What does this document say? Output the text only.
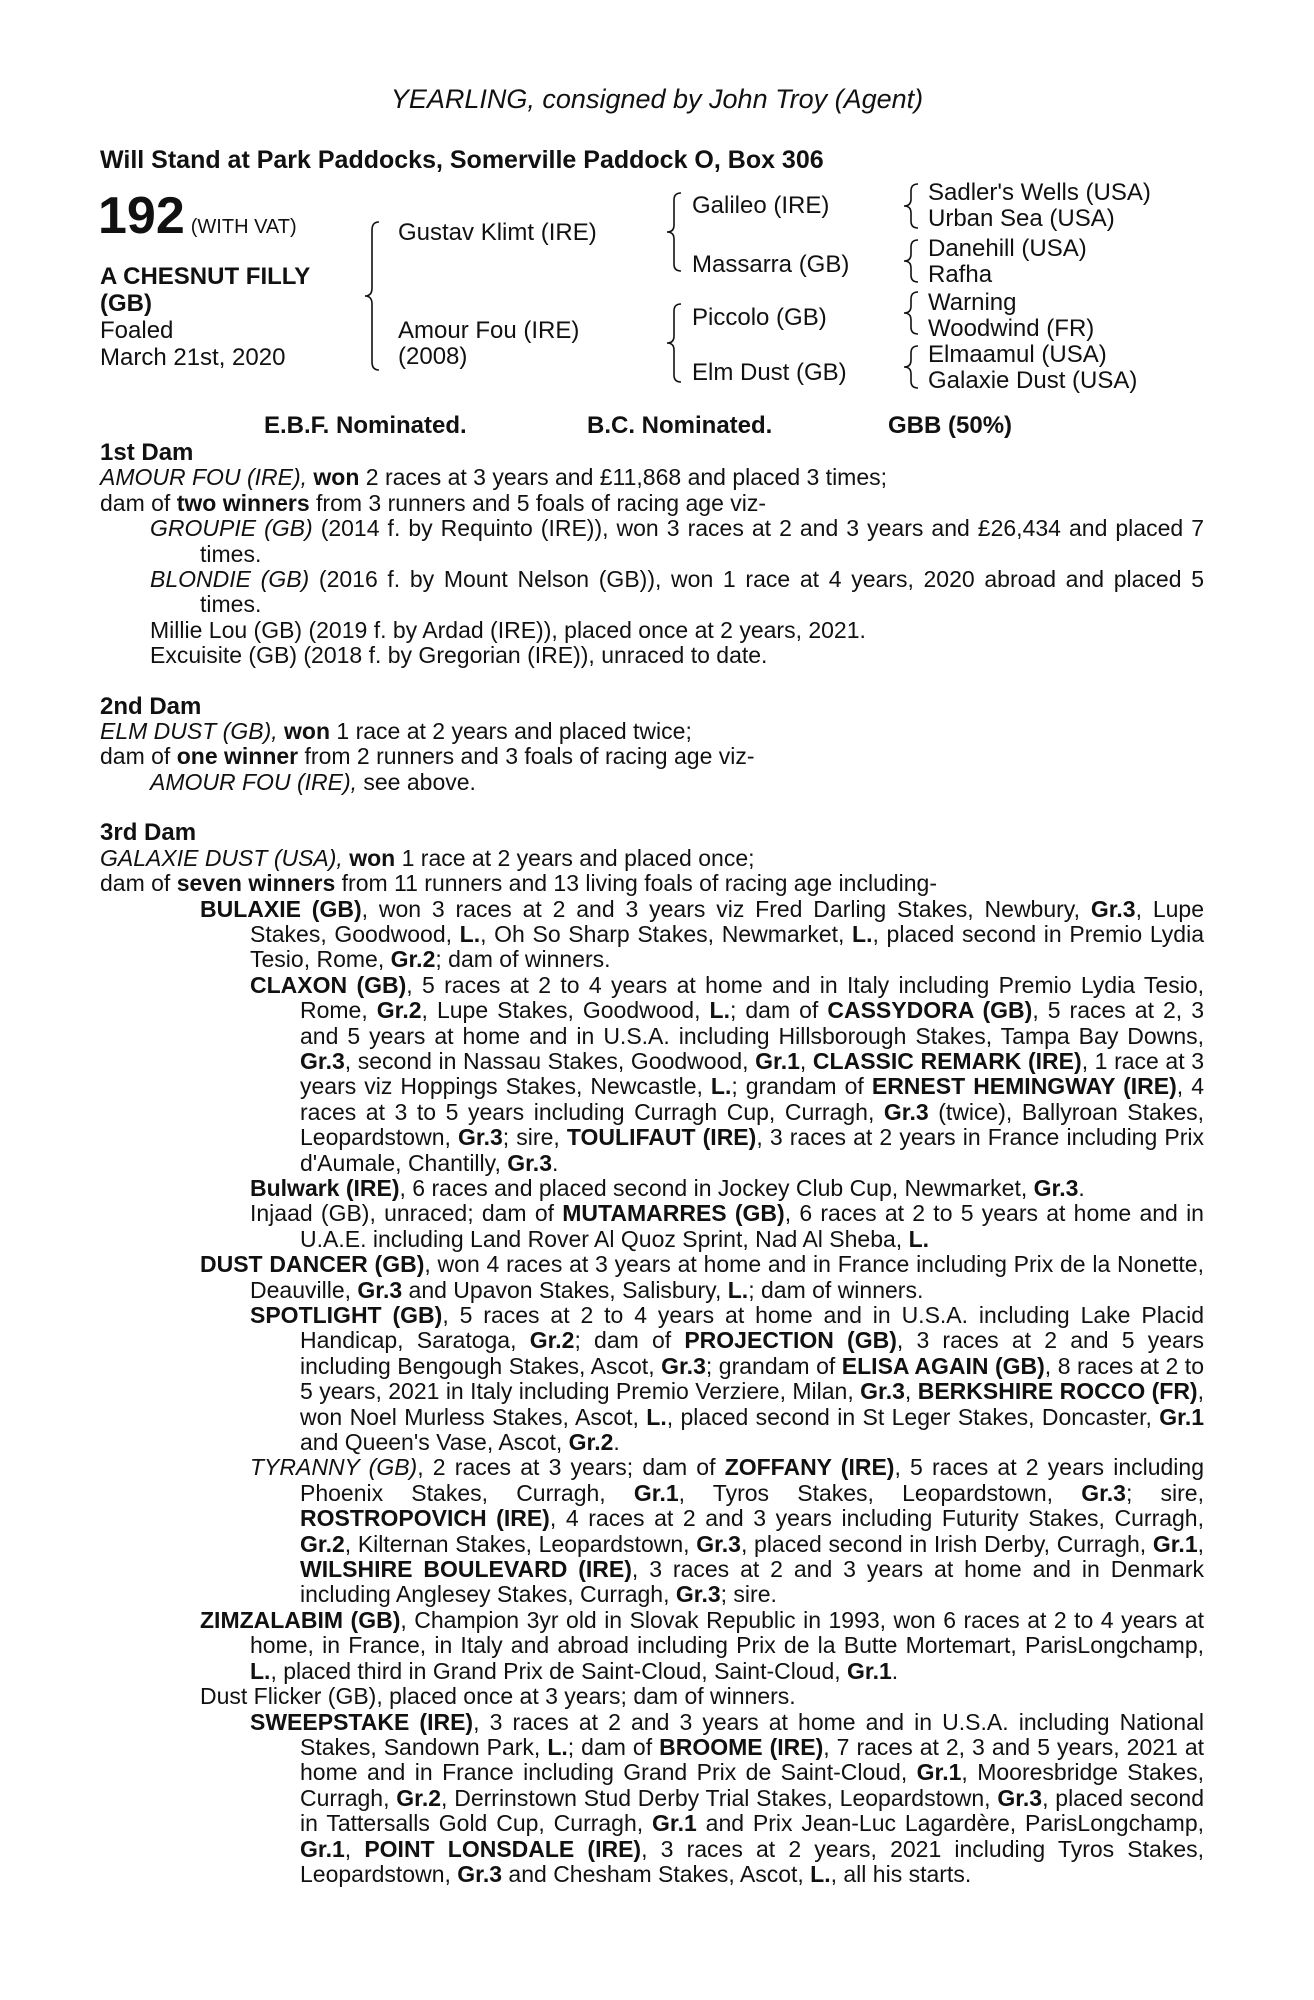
YEARLING, consigned by John Troy (Agent)
Will Stand at Park Paddocks, Somerville Paddock O, Box 306
192 (WITH VAT)
A CHESNUT FILLY
(GB)
Foaled
March 21st, 2020
Gustav Klimt (IRE)
Amour Fou (IRE)
(2008)
Galileo (IRE)
Massarra (GB)
Piccolo (GB)
Elm Dust (GB)
Sadler's Wells (USA)
Urban Sea (USA)
Danehill (USA)
Rafha
Warning
Woodwind (FR)
Elmaamul (USA)
Galaxie Dust (USA)
E.B.F. Nominated.	B.C. Nominated.	GBB (50%)
1st Dam
AMOUR FOU (IRE), won 2 races at 3 years and £11,868 and placed 3 times;
dam of two winners from 3 runners and 5 foals of racing age viz-
GROUPIE (GB) (2014 f. by Requinto (IRE)), won 3 races at 2 and 3 years and £26,434 and placed 7 times.
BLONDIE (GB) (2016 f. by Mount Nelson (GB)), won 1 race at 4 years, 2020 abroad and placed 5 times.
Millie Lou (GB) (2019 f. by Ardad (IRE)), placed once at 2 years, 2021.
Excuisite (GB) (2018 f. by Gregorian (IRE)), unraced to date.
2nd Dam
ELM DUST (GB), won 1 race at 2 years and placed twice;
dam of one winner from 2 runners and 3 foals of racing age viz-
AMOUR FOU (IRE), see above.
3rd Dam
GALAXIE DUST (USA), won 1 race at 2 years and placed once;
dam of seven winners from 11 runners and 13 living foals of racing age including-
BULAXIE (GB), won 3 races at 2 and 3 years viz Fred Darling Stakes, Newbury, Gr.3, Lupe Stakes, Goodwood, L., Oh So Sharp Stakes, Newmarket, L., placed second in Premio Lydia Tesio, Rome, Gr.2; dam of winners.
CLAXON (GB), 5 races at 2 to 4 years at home and in Italy including Premio Lydia Tesio, Rome, Gr.2, Lupe Stakes, Goodwood, L.; dam of CASSYDORA (GB), 5 races at 2, 3 and 5 years at home and in U.S.A. including Hillsborough Stakes, Tampa Bay Downs, Gr.3, second in Nassau Stakes, Goodwood, Gr.1, CLASSIC REMARK (IRE), 1 race at 3 years viz Hoppings Stakes, Newcastle, L.; grandam of ERNEST HEMINGWAY (IRE), 4 races at 3 to 5 years including Curragh Cup, Curragh, Gr.3 (twice), Ballyroan Stakes, Leopardstown, Gr.3; sire, TOULIFAUT (IRE), 3 races at 2 years in France including Prix d'Aumale, Chantilly, Gr.3.
Bulwark (IRE), 6 races and placed second in Jockey Club Cup, Newmarket, Gr.3.
Injaad (GB), unraced; dam of MUTAMARRES (GB), 6 races at 2 to 5 years at home and in U.A.E. including Land Rover Al Quoz Sprint, Nad Al Sheba, L.
DUST DANCER (GB), won 4 races at 3 years at home and in France including Prix de la Nonette, Deauville, Gr.3 and Upavon Stakes, Salisbury, L.; dam of winners.
SPOTLIGHT (GB), 5 races at 2 to 4 years at home and in U.S.A. including Lake Placid Handicap, Saratoga, Gr.2; dam of PROJECTION (GB), 3 races at 2 and 5 years including Bengough Stakes, Ascot, Gr.3; grandam of ELISA AGAIN (GB), 8 races at 2 to 5 years, 2021 in Italy including Premio Verziere, Milan, Gr.3, BERKSHIRE ROCCO (FR), won Noel Murless Stakes, Ascot, L., placed second in St Leger Stakes, Doncaster, Gr.1 and Queen's Vase, Ascot, Gr.2.
TYRANNY (GB), 2 races at 3 years; dam of ZOFFANY (IRE), 5 races at 2 years including Phoenix Stakes, Curragh, Gr.1, Tyros Stakes, Leopardstown, Gr.3; sire, ROSTROPOVICH (IRE), 4 races at 2 and 3 years including Futurity Stakes, Curragh, Gr.2, Kilternan Stakes, Leopardstown, Gr.3, placed second in Irish Derby, Curragh, Gr.1, WILSHIRE BOULEVARD (IRE), 3 races at 2 and 3 years at home and in Denmark including Anglesey Stakes, Curragh, Gr.3; sire.
ZIMZALABIM (GB), Champion 3yr old in Slovak Republic in 1993, won 6 races at 2 to 4 years at home, in France, in Italy and abroad including Prix de la Butte Mortemart, ParisLongchamp, L., placed third in Grand Prix de Saint-Cloud, Saint-Cloud, Gr.1.
Dust Flicker (GB), placed once at 3 years; dam of winners.
SWEEPSTAKE (IRE), 3 races at 2 and 3 years at home and in U.S.A. including National Stakes, Sandown Park, L.; dam of BROOME (IRE), 7 races at 2, 3 and 5 years, 2021 at home and in France including Grand Prix de Saint-Cloud, Gr.1, Mooresbridge Stakes, Curragh, Gr.2, Derrinstown Stud Derby Trial Stakes, Leopardstown, Gr.3, placed second in Tattersalls Gold Cup, Curragh, Gr.1 and Prix Jean-Luc Lagardère, ParisLongchamp, Gr.1, POINT LONSDALE (IRE), 3 races at 2 years, 2021 including Tyros Stakes, Leopardstown, Gr.3 and Chesham Stakes, Ascot, L., all his starts.
